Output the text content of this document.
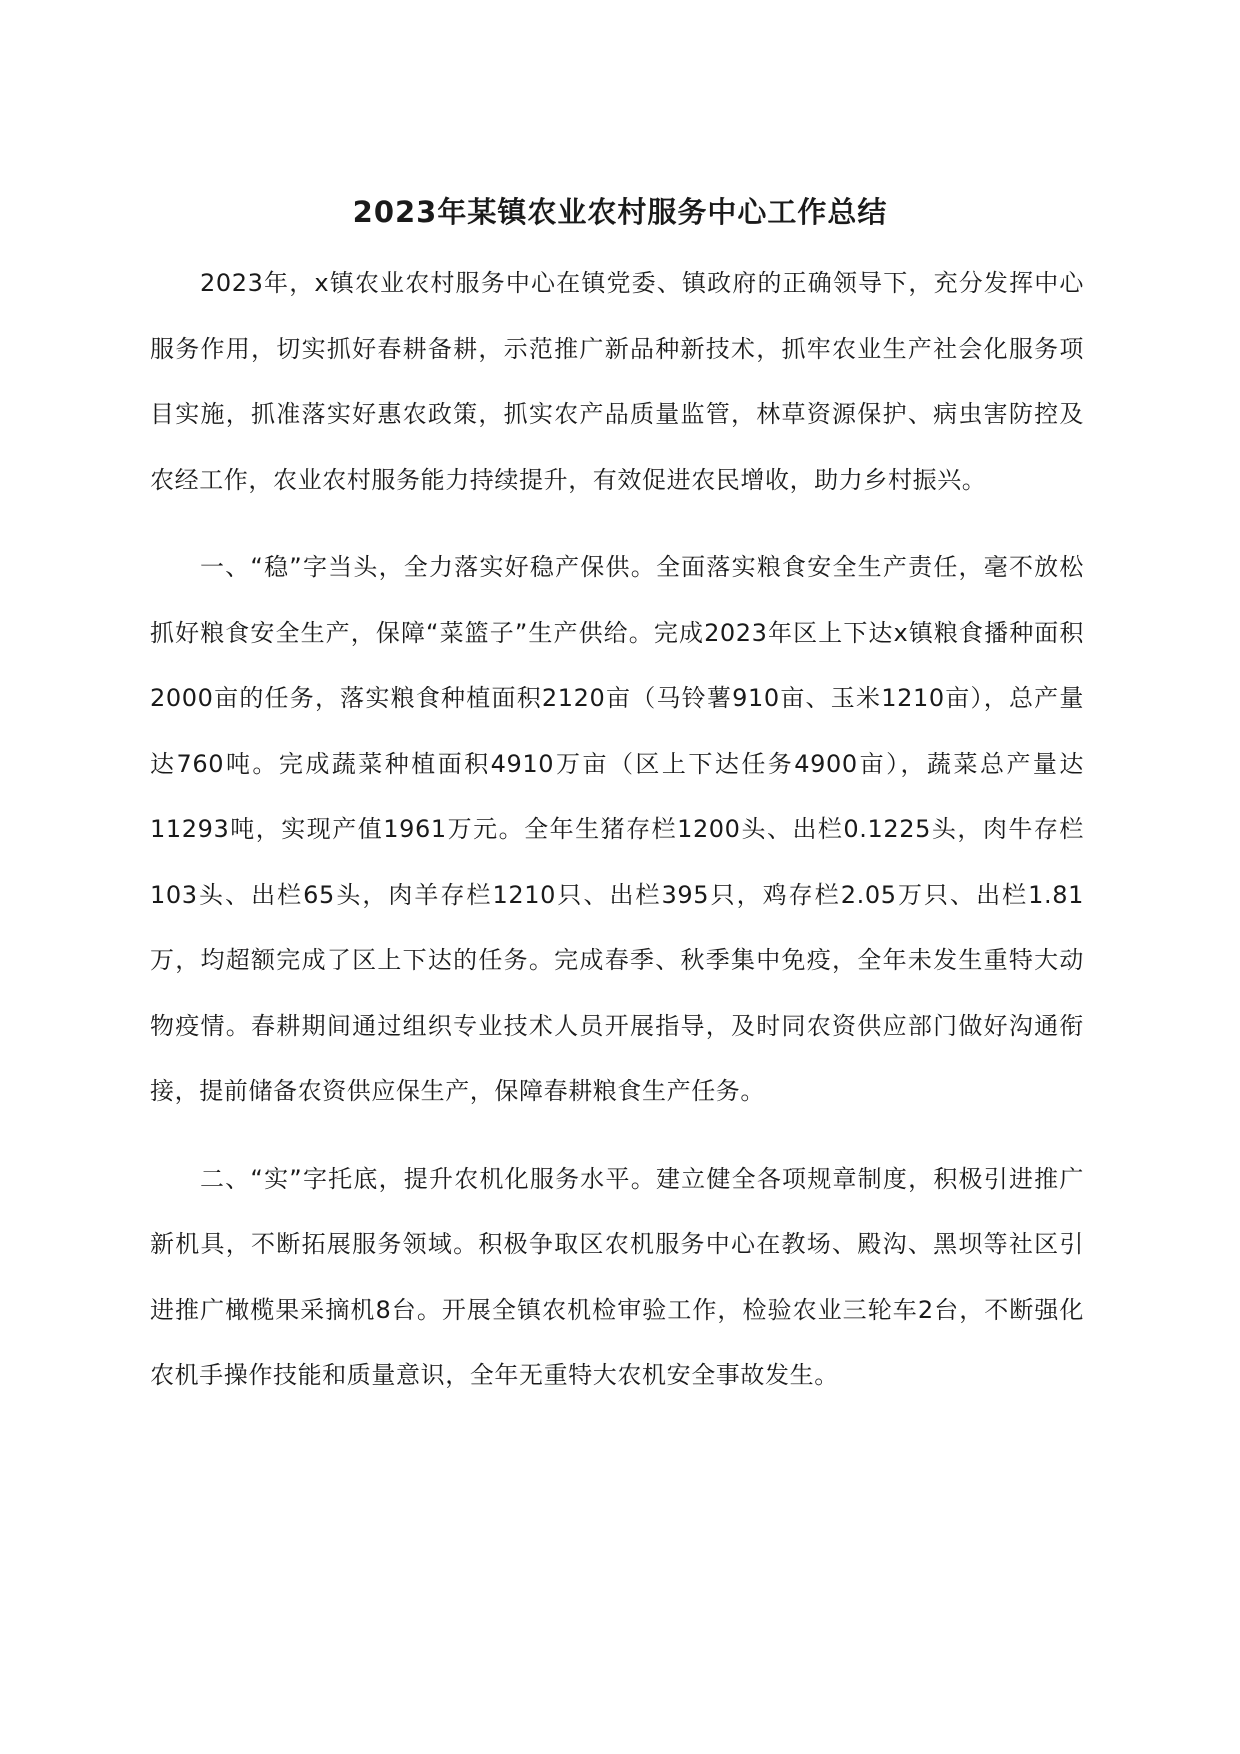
2023年某镇农业农村服务中心工作总结

2023年，x镇农业农村服务中心在镇党委、镇政府的正确领导下，充分发挥中心服务作用，切实抓好春耕备耕，示范推广新品种新技术，抓牢农业生产社会化服务项目实施，抓准落实好惠农政策，抓实农产品质量监管，林草资源保护、病虫害防控及农经工作，农业农村服务能力持续提升，有效促进农民增收，助力乡村振兴。

一、“稳”字当头，全力落实好稳产保供。全面落实粮食安全生产责任，毫不放松抓好粮食安全生产，保障“菜篮子”生产供给。完成2023年区上下达x镇粮食播种面积2000亩的任务，落实粮食种植面积2120亩（马铃薯910亩、玉米1210亩），总产量达760吨。完成蔬菜种植面积4910万亩（区上下达任务4900亩），蔬菜总产量达11293吨，实现产值1961万元。全年生猪存栏1200头、出栏0.1225头，肉牛存栏103头、出栏65头，肉羊存栏1210只、出栏395只，鸡存栏2.05万只、出栏1.81万，均超额完成了区上下达的任务。完成春季、秋季集中免疫，全年未发生重特大动物疫情。春耕期间通过组织专业技术人员开展指导，及时同农资供应部门做好沟通衔接，提前储备农资供应保生产，保障春耕粮食生产任务。

二、“实”字托底，提升农机化服务水平。建立健全各项规章制度，积极引进推广新机具，不断拓展服务领域。积极争取区农机服务中心在教场、殿沟、黑坝等社区引进推广橄榄果采摘机8台。开展全镇农机检审验工作，检验农业三轮车2台，不断强化农机手操作技能和质量意识，全年无重特大农机安全事故发生。
